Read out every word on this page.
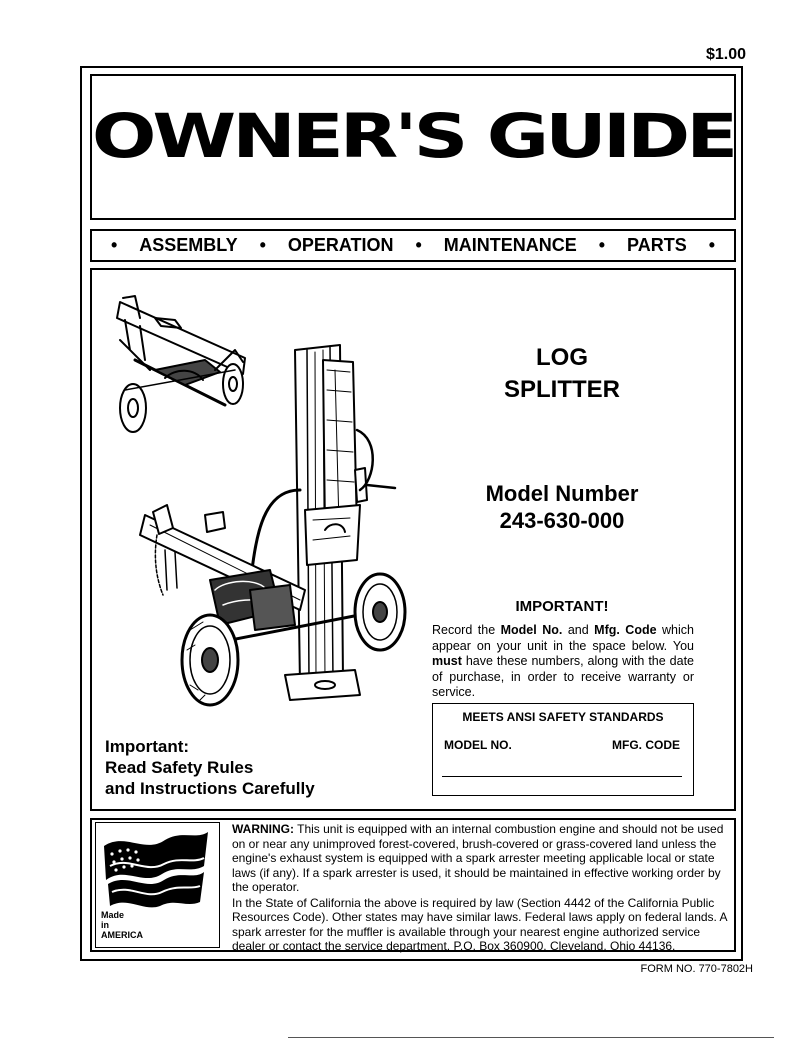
$1.00
OWNER'S GUIDE
• ASSEMBLY • OPERATION • MAINTENANCE • PARTS •
LOG
SPLITTER
Model Number
243-630-000
IMPORTANT!
Record the Model No. and Mfg. Code which appear on your unit in the space below. You must have these numbers, along with the date of purchase, in order to receive warranty or service.
MEETS ANSI SAFETY STANDARDS
MODEL NO.	MFG. CODE
Important:
Read Safety Rules
and Instructions Carefully
Made
in
AMERICA

WARNING: This unit is equipped with an internal combustion engine and should not be used on or near any unimproved forest-covered, brush-covered or grass-covered land unless the engine's exhaust system is equipped with a spark arrester meeting applicable local or state laws (if any). If a spark arrester is used, it should be maintained in effective working order by the operator.

In the State of California the above is required by law (Section 4442 of the California Public Resources Code). Other states may have similar laws. Federal laws apply on federal lands. A spark arrester for the muffler is available through your nearest engine authorized service dealer or contact the service department, P.O. Box 360900, Cleveland, Ohio 44136.

FORM NO. 770-7802H
